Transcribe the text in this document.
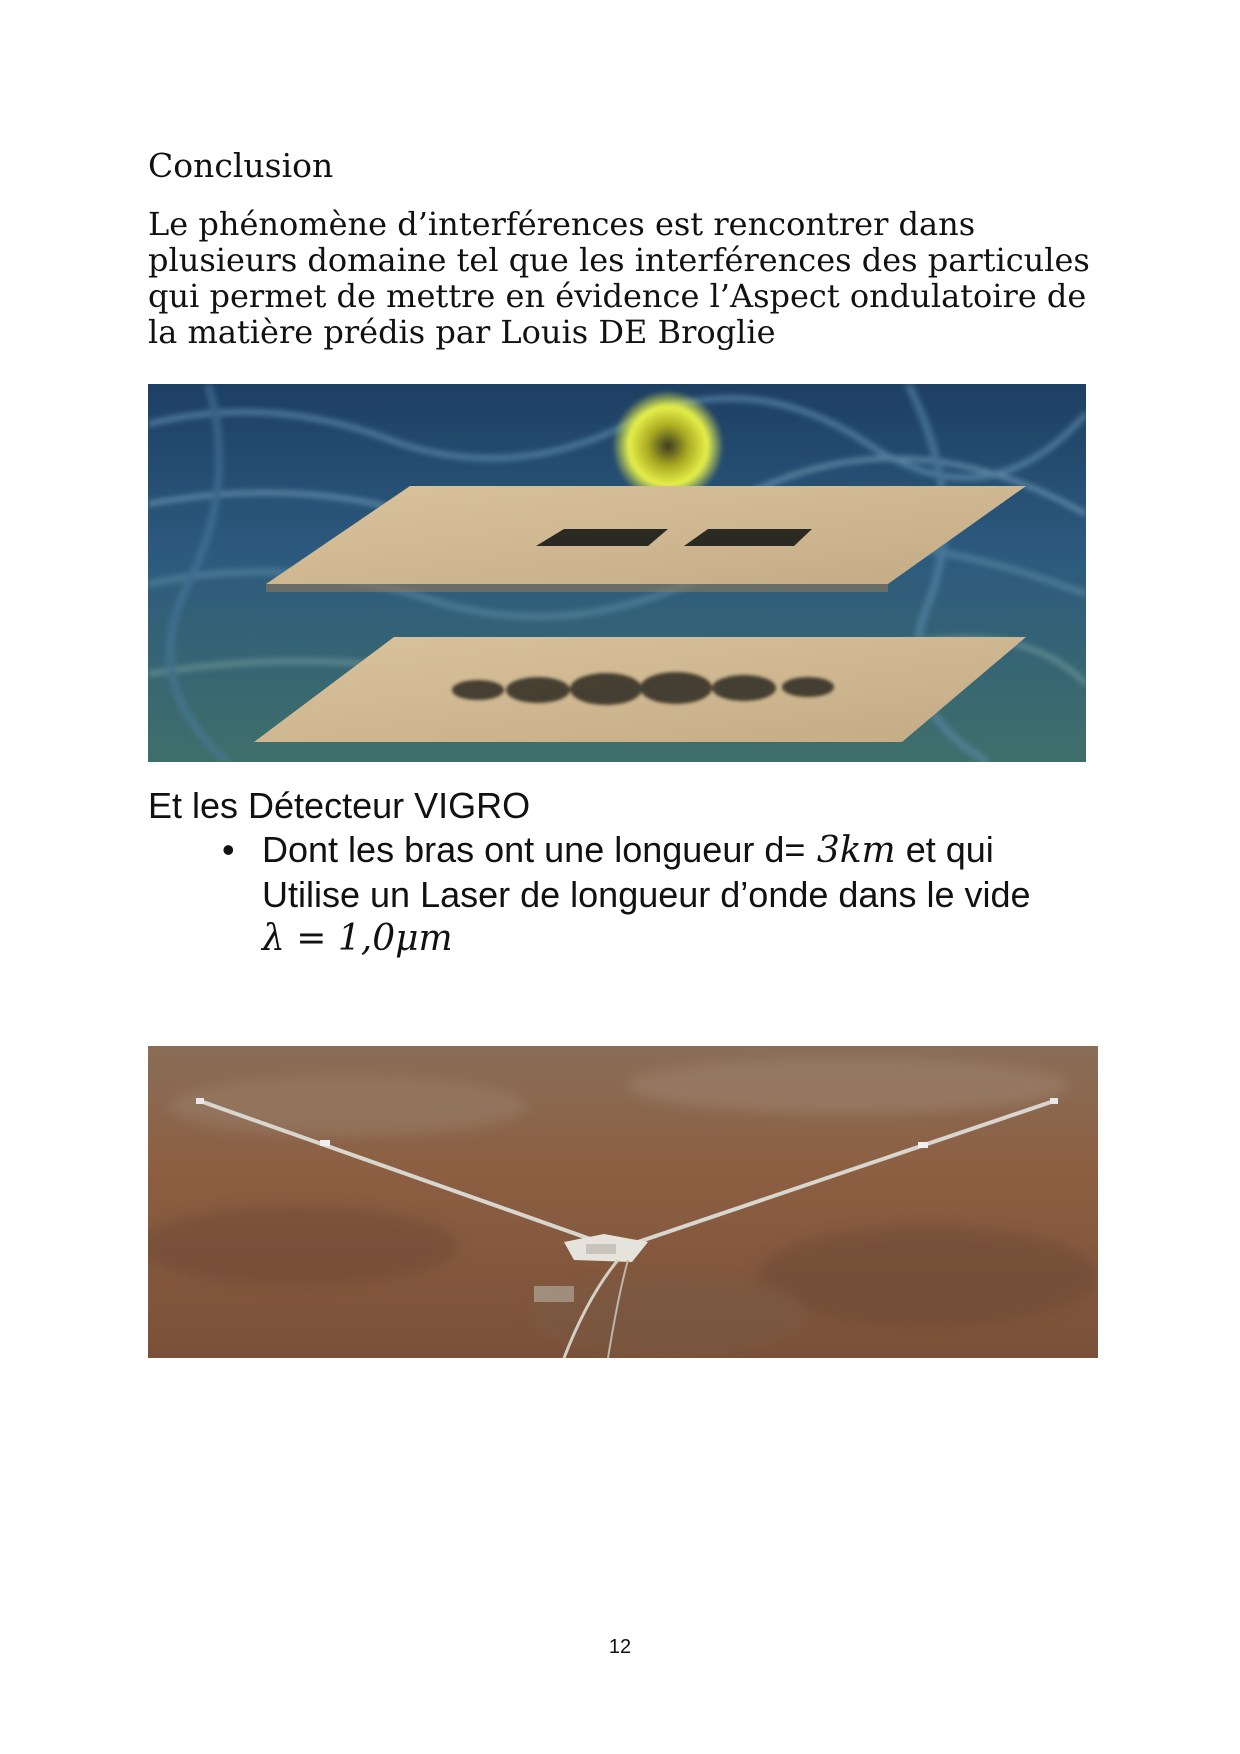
Conclusion
Le phénomène d’interférences est rencontrer dans
plusieurs domaine tel que les interférences des particules
qui permet de mettre en évidence l’Aspect ondulatoire de
la matière prédis par Louis DE Broglie
Et les Détecteur VIGRO
• Dont les bras ont une longueur d= 3km et qui
Utilise un Laser de longueur d’onde dans le vide
λ = 1,0μm
12
